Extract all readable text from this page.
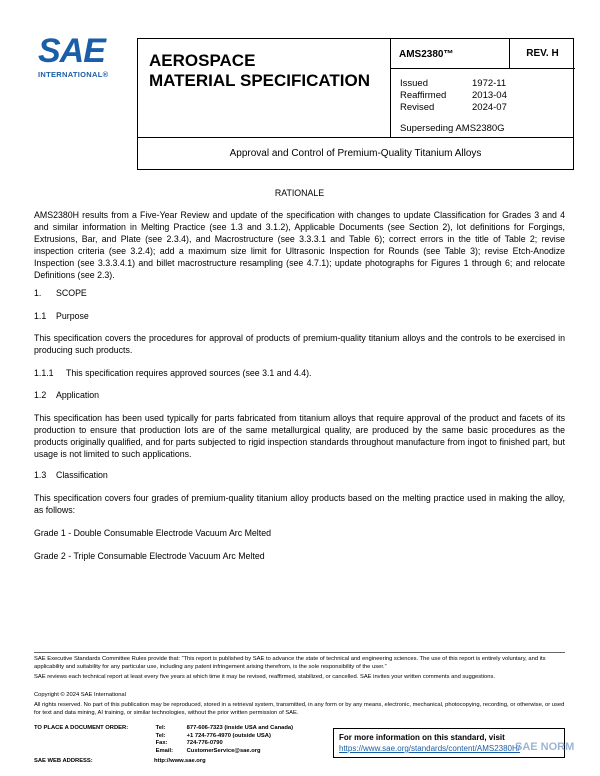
SAE
INTERNATIONAL®
AEROSPACE
MATERIAL SPECIFICATION
AMS2380™	REV. H
Issued	1972-11
Reaffirmed	2013-04
Revised	2024-07
Superseding AMS2380G
Approval and Control of Premium-Quality Titanium Alloys
RATIONALE
AMS2380H results from a Five-Year Review and update of the specification with changes to update Classification for Grades 3 and 4 and similar information in Melting Practice (see 1.3 and 3.1.2), Applicable Documents (see Section 2), lot definitions for Forgings, Extrusions, Bar, and Plate (see 2.3.4), and Macrostructure (see 3.3.3.1 and Table 6); correct errors in the title of Table 2; revise inspection criteria (see 3.2.4); add a maximum size limit for Ultrasonic Inspection for Rounds (see Table 3); revise Etch-Anodize Inspection (see 3.3.3.4.1) and billet macrostructure resampling (see 4.7.1); update photographs for Figures 1 through 6; and relocate Definitions (see 2.3).
1.	SCOPE
1.1	Purpose
This specification covers the procedures for approval of products of premium-quality titanium alloys and the controls to be exercised in producing such products.
1.1.1	This specification requires approved sources (see 3.1 and 4.4).
1.2	Application
This specification has been used typically for parts fabricated from titanium alloys that require approval of the product and facets of its production to ensure that production lots are of the same metallurgical quality, are produced by the same basic procedures as the products originally qualified, and for parts subjected to rigid inspection standards throughout manufacture from ingot to finished part, but usage is not limited to such applications.
1.3	Classification
This specification covers four grades of premium-quality titanium alloy products based on the melting practice used in making the alloy, as follows:
Grade 1 - Double Consumable Electrode Vacuum Arc Melted
Grade 2 - Triple Consumable Electrode Vacuum Arc Melted
SAE Executive Standards Committee Rules provide that: “This report is published by SAE to advance the state of technical and engineering sciences. The use of this report is entirely voluntary, and its applicability and suitability for any particular use, including any patent infringement arising therefrom, is the sole responsibility of the user.”
SAE reviews each technical report at least every five years at which time it may be revised, reaffirmed, stabilized, or cancelled. SAE invites your written comments and suggestions.
Copyright © 2024 SAE International
All rights reserved. No part of this publication may be reproduced, stored in a retrieval system, transmitted, in any form or by any means, electronic, mechanical, photocopying, recording, or otherwise, or used for text and data mining, AI training, or similar technologies, without the prior written permission of SAE.
TO PLACE A DOCUMENT ORDER:	Tel:	877-606-7323 (inside USA and Canada)
Tel:	+1 724-776-4970 (outside USA)
Fax:	724-776-0790
Email:	CustomerService@sae.org
SAE WEB ADDRESS:	http://www.sae.org
For more information on this standard, visit
https://www.sae.org/standards/content/AMS2380H/
SAE NORM
